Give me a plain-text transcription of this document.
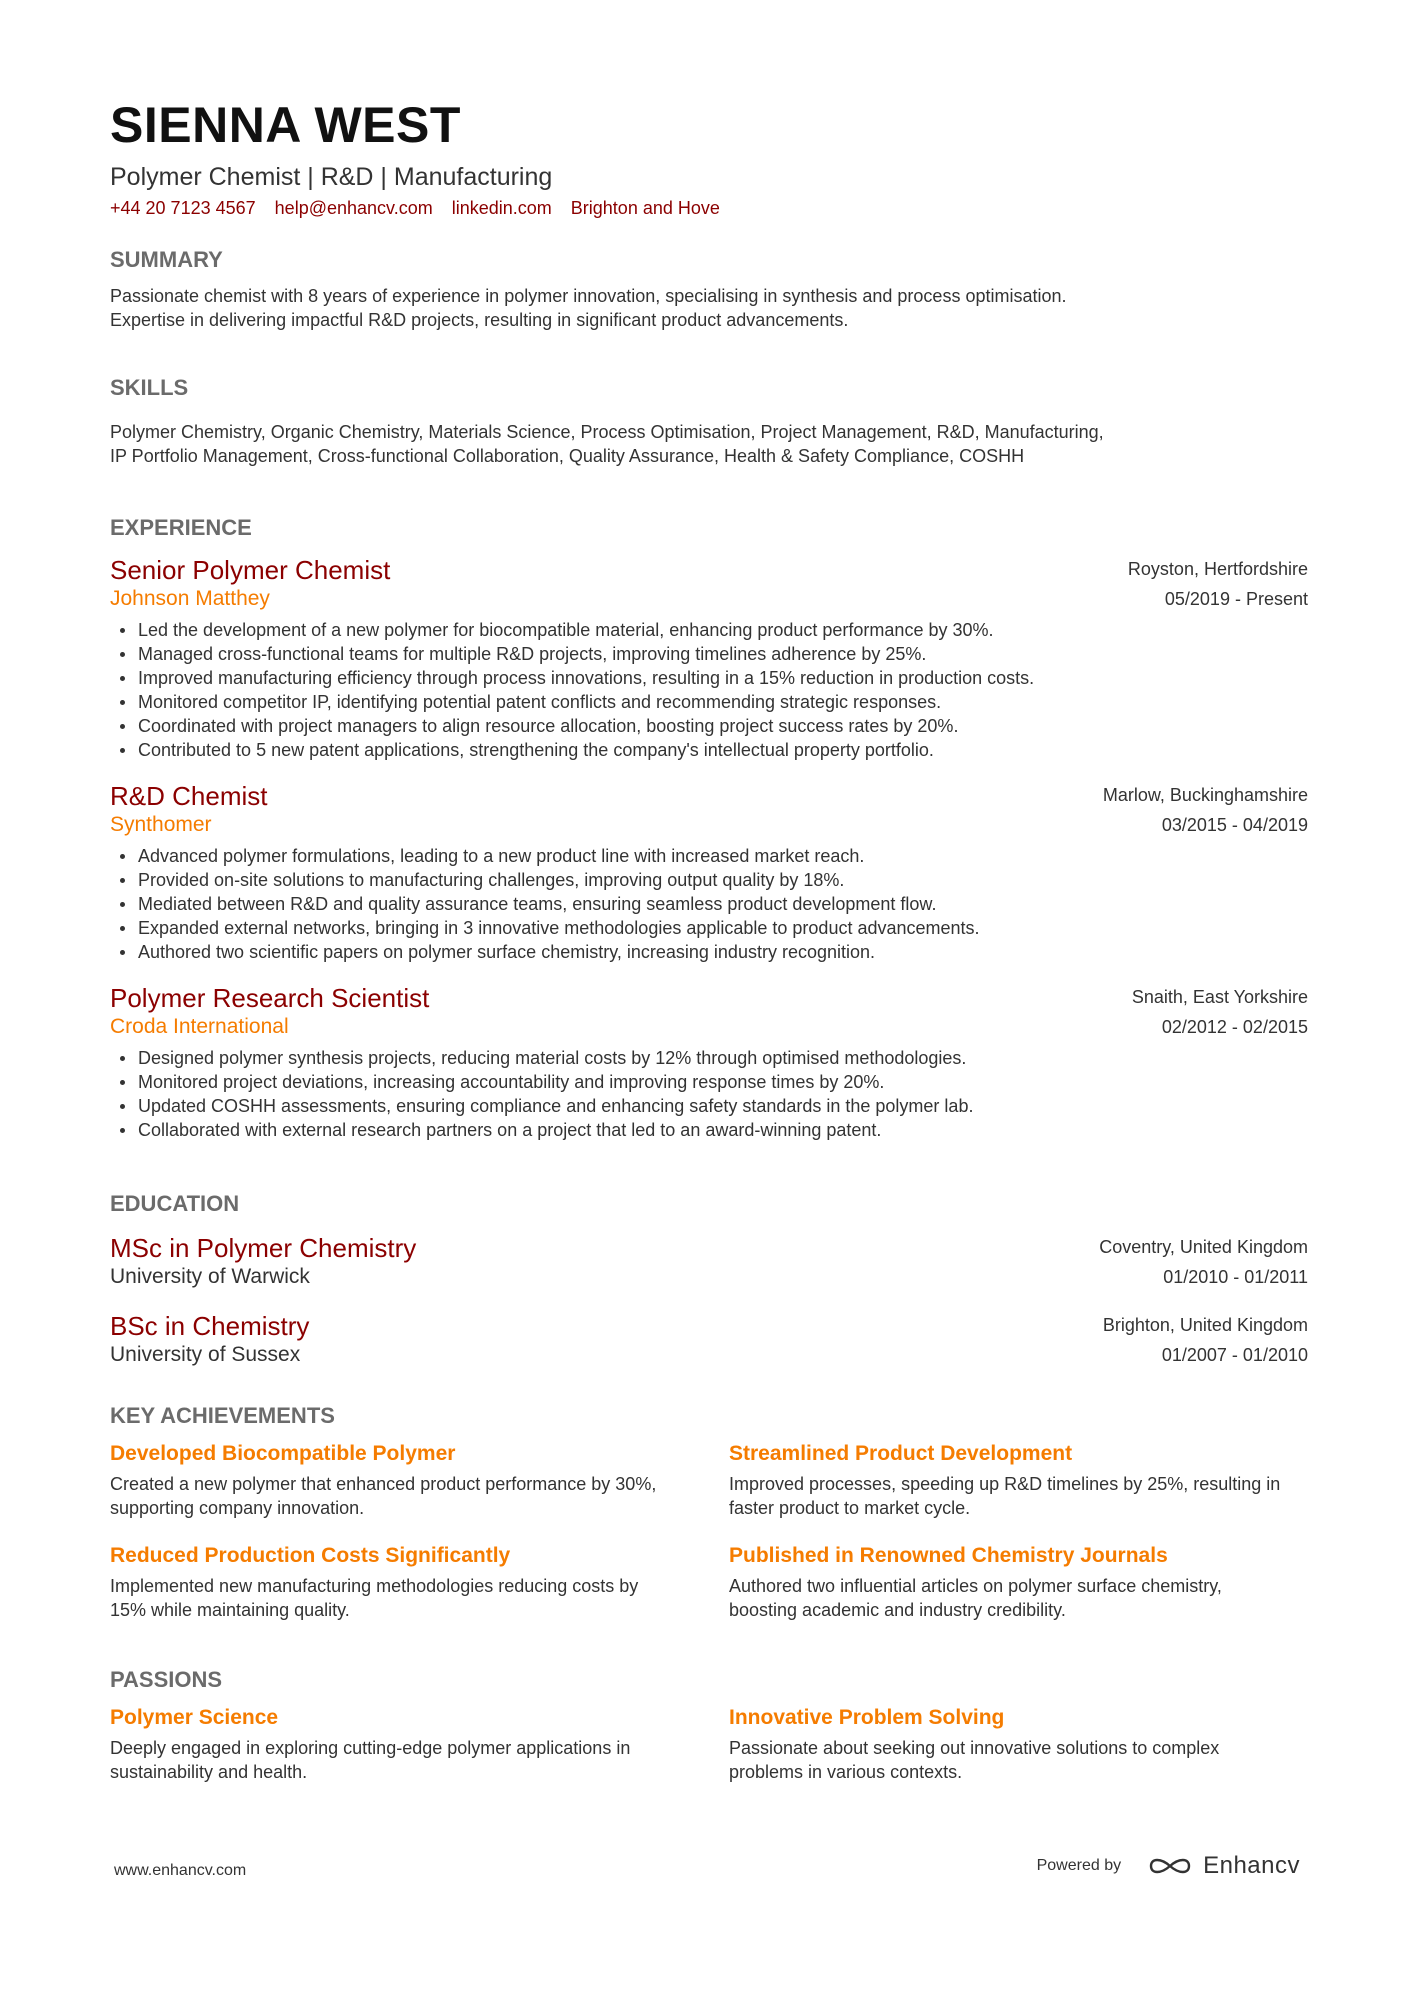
SIENNA WEST
Polymer Chemist | R&D | Manufacturing
+44 20 7123 4567 help@enhancv.com linkedin.com Brighton and Hove
SUMMARY
Passionate chemist with 8 years of experience in polymer innovation, specialising in synthesis and process optimisation.
Expertise in delivering impactful R&D projects, resulting in significant product advancements.
SKILLS
Polymer Chemistry, Organic Chemistry, Materials Science, Process Optimisation, Project Management, R&D, Manufacturing,
IP Portfolio Management, Cross-functional Collaboration, Quality Assurance, Health & Safety Compliance, COSHH
EXPERIENCE
Senior Polymer Chemist
Johnson Matthey
Royston, Hertfordshire
05/2019 - Present
Led the development of a new polymer for biocompatible material, enhancing product performance by 30%.
Managed cross-functional teams for multiple R&D projects, improving timelines adherence by 25%.
Improved manufacturing efficiency through process innovations, resulting in a 15% reduction in production costs.
Monitored competitor IP, identifying potential patent conflicts and recommending strategic responses.
Coordinated with project managers to align resource allocation, boosting project success rates by 20%.
Contributed to 5 new patent applications, strengthening the company's intellectual property portfolio.
R&D Chemist
Synthomer
Marlow, Buckinghamshire
03/2015 - 04/2019
Advanced polymer formulations, leading to a new product line with increased market reach.
Provided on-site solutions to manufacturing challenges, improving output quality by 18%.
Mediated between R&D and quality assurance teams, ensuring seamless product development flow.
Expanded external networks, bringing in 3 innovative methodologies applicable to product advancements.
Authored two scientific papers on polymer surface chemistry, increasing industry recognition.
Polymer Research Scientist
Croda International
Snaith, East Yorkshire
02/2012 - 02/2015
Designed polymer synthesis projects, reducing material costs by 12% through optimised methodologies.
Monitored project deviations, increasing accountability and improving response times by 20%.
Updated COSHH assessments, ensuring compliance and enhancing safety standards in the polymer lab.
Collaborated with external research partners on a project that led to an award-winning patent.
EDUCATION
MSc in Polymer Chemistry
University of Warwick
Coventry, United Kingdom
01/2010 - 01/2011
BSc in Chemistry
University of Sussex
Brighton, United Kingdom
01/2007 - 01/2010
KEY ACHIEVEMENTS
Developed Biocompatible Polymer
Created a new polymer that enhanced product performance by 30%, supporting company innovation.
Streamlined Product Development
Improved processes, speeding up R&D timelines by 25%, resulting in faster product to market cycle.
Reduced Production Costs Significantly
Implemented new manufacturing methodologies reducing costs by 15% while maintaining quality.
Published in Renowned Chemistry Journals
Authored two influential articles on polymer surface chemistry, boosting academic and industry credibility.
PASSIONS
Polymer Science
Deeply engaged in exploring cutting-edge polymer applications in sustainability and health.
Innovative Problem Solving
Passionate about seeking out innovative solutions to complex problems in various contexts.
www.enhancv.com	Powered by	Enhancv
